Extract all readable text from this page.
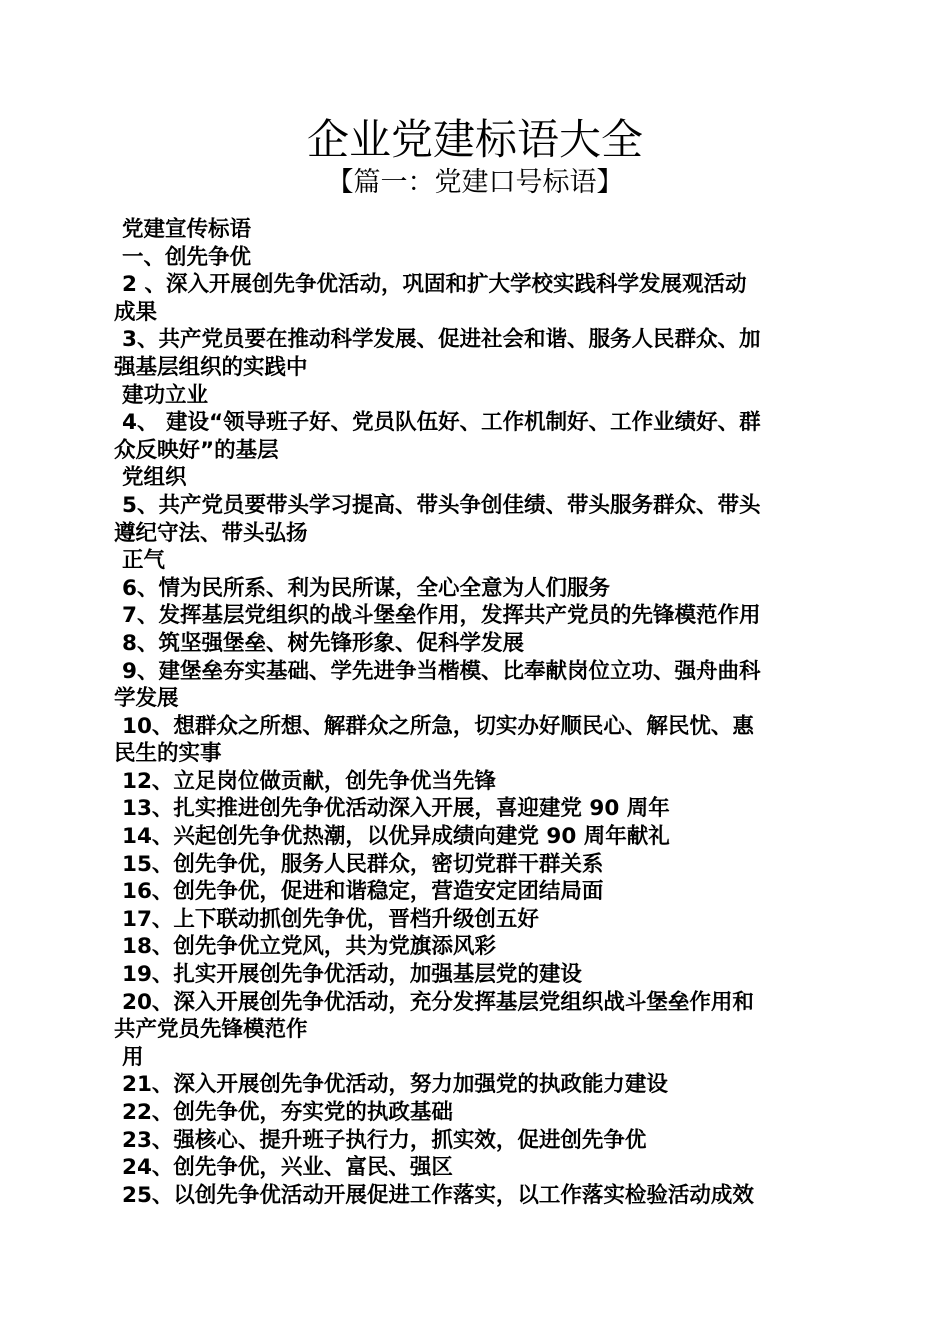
企业党建标语大全
【篇一：党建口号标语】
党建宣传标语
一、创先争优
2 、深入开展创先争优活动，巩固和扩大学校实践科学发展观活动
成果
3、共产党员要在推动科学发展、促进社会和谐、服务人民群众、加
强基层组织的实践中
建功立业
4、 建设“领导班子好、党员队伍好、工作机制好、工作业绩好、群
众反映好”的基层
党组织
5、共产党员要带头学习提高、带头争创佳绩、带头服务群众、带头
遵纪守法、带头弘扬
正气
6、情为民所系、利为民所谋，全心全意为人们服务
7、发挥基层党组织的战斗堡垒作用，发挥共产党员的先锋模范作用
8、筑坚强堡垒、树先锋形象、促科学发展
9、建堡垒夯实基础、学先进争当楷模、比奉献岗位立功、强舟曲科
学发展
10、想群众之所想、解群众之所急，切实办好顺民心、解民忧、惠
民生的实事
12、立足岗位做贡献，创先争优当先锋
13、扎实推进创先争优活动深入开展，喜迎建党 90 周年
14、兴起创先争优热潮，以优异成绩向建党 90 周年献礼
15、创先争优，服务人民群众，密切党群干群关系
16、创先争优，促进和谐稳定，营造安定团结局面
17、上下联动抓创先争优，晋档升级创五好
18、创先争优立党风，共为党旗添风彩
19、扎实开展创先争优活动，加强基层党的建设
20、深入开展创先争优活动，充分发挥基层党组织战斗堡垒作用和
共产党员先锋模范作
用
21、深入开展创先争优活动，努力加强党的执政能力建设
22、创先争优，夯实党的执政基础
23、强核心、提升班子执行力，抓实效，促进创先争优
24、创先争优，兴业、富民、强区
25、以创先争优活动开展促进工作落实，以工作落实检验活动成效
